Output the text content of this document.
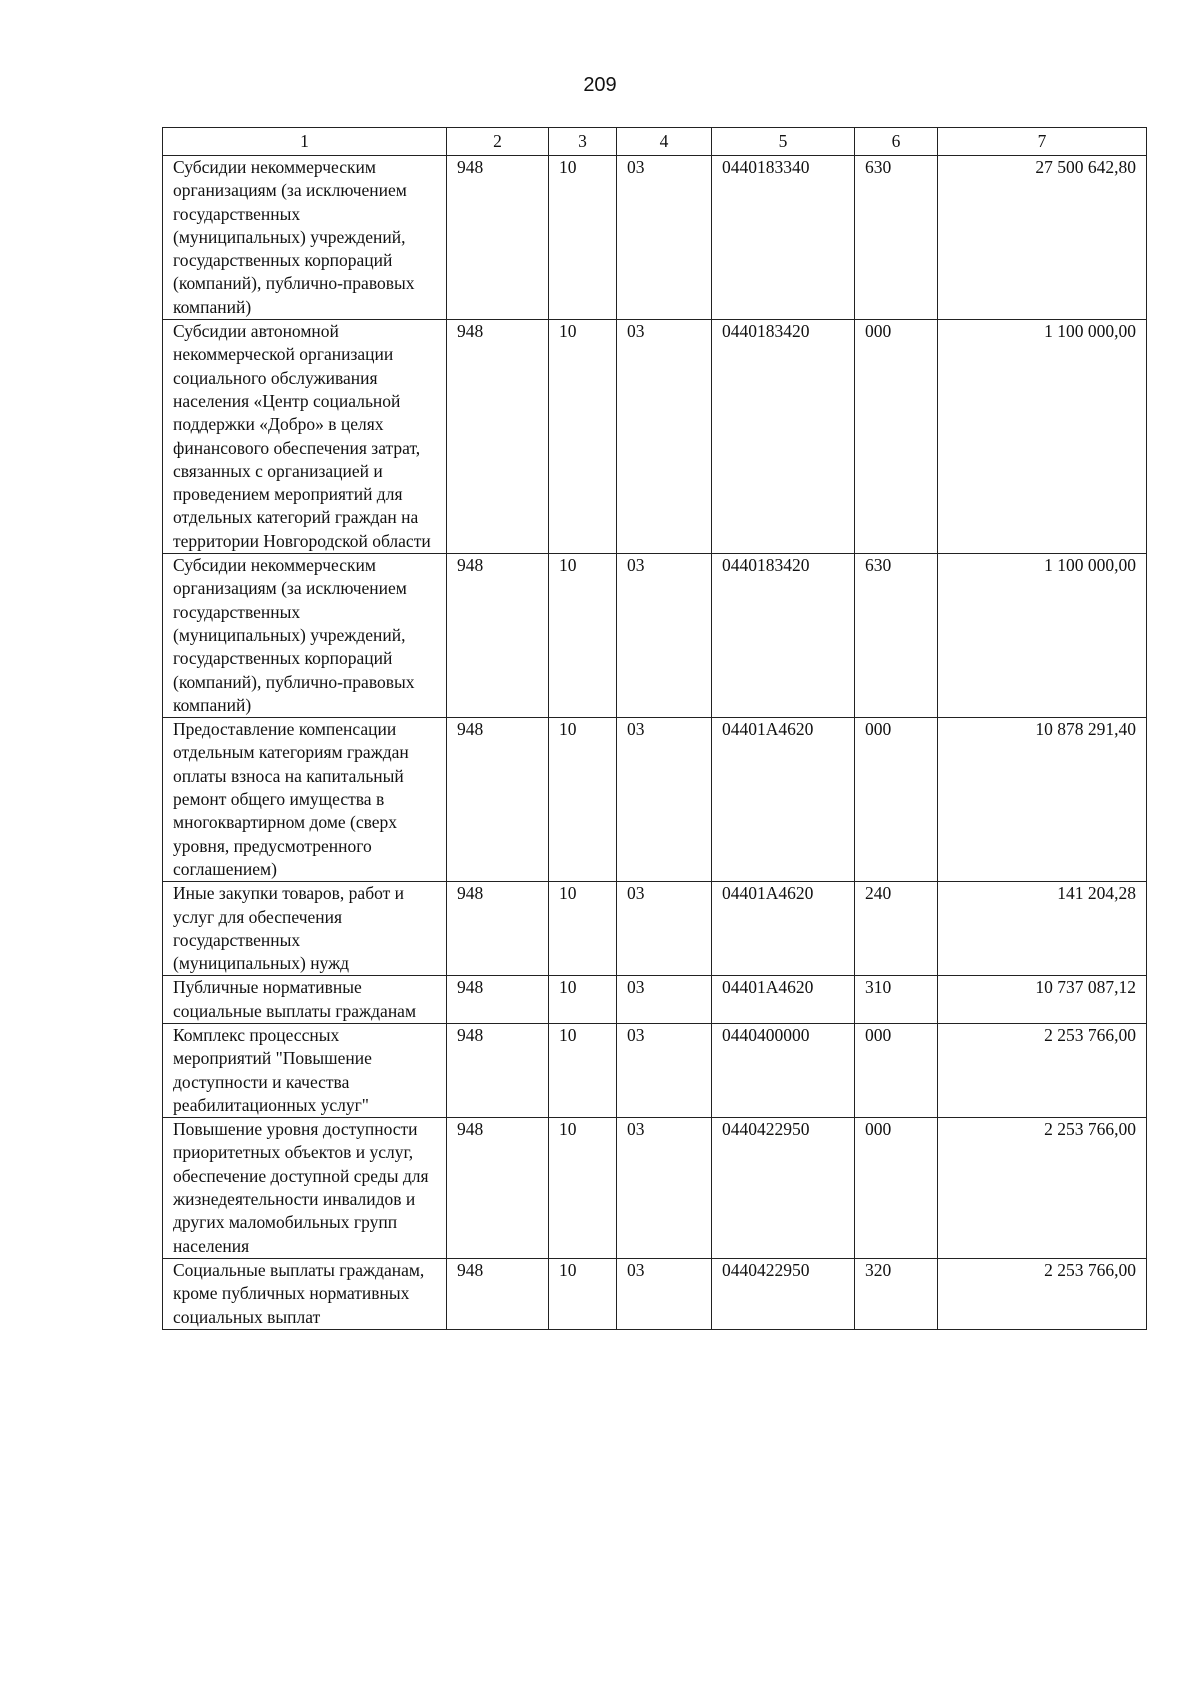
209
1	2	3	4	5	6	7
Субсидии некоммерческим организациям (за исключением государственных (муниципальных) учреждений, государственных корпораций (компаний), публично-правовых компаний)	948	10	03	0440183340	630	27 500 642,80
Субсидии автономной некоммерческой организации социального обслуживания населения «Центр социальной поддержки «Добро» в целях финансового обеспечения затрат, связанных с организацией и проведением мероприятий для отдельных категорий граждан на территории Новгородской области	948	10	03	0440183420	000	1 100 000,00
Субсидии некоммерческим организациям (за исключением государственных (муниципальных) учреждений, государственных корпораций (компаний), публично-правовых компаний)	948	10	03	0440183420	630	1 100 000,00
Предоставление компенсации отдельным категориям граждан оплаты взноса на капитальный ремонт общего имущества в многоквартирном доме (сверх уровня, предусмотренного соглашением)	948	10	03	04401А4620	000	10 878 291,40
Иные закупки товаров, работ и услуг для обеспечения государственных (муниципальных) нужд	948	10	03	04401А4620	240	141 204,28
Публичные нормативные социальные выплаты гражданам	948	10	03	04401А4620	310	10 737 087,12
Комплекс процессных мероприятий "Повышение доступности и качества реабилитационных услуг"	948	10	03	0440400000	000	2 253 766,00
Повышение уровня доступности приоритетных объектов и услуг, обеспечение доступной среды для жизнедеятельности инвалидов и других маломобильных групп населения	948	10	03	0440422950	000	2 253 766,00
Социальные выплаты гражданам, кроме публичных нормативных социальных выплат	948	10	03	0440422950	320	2 253 766,00
